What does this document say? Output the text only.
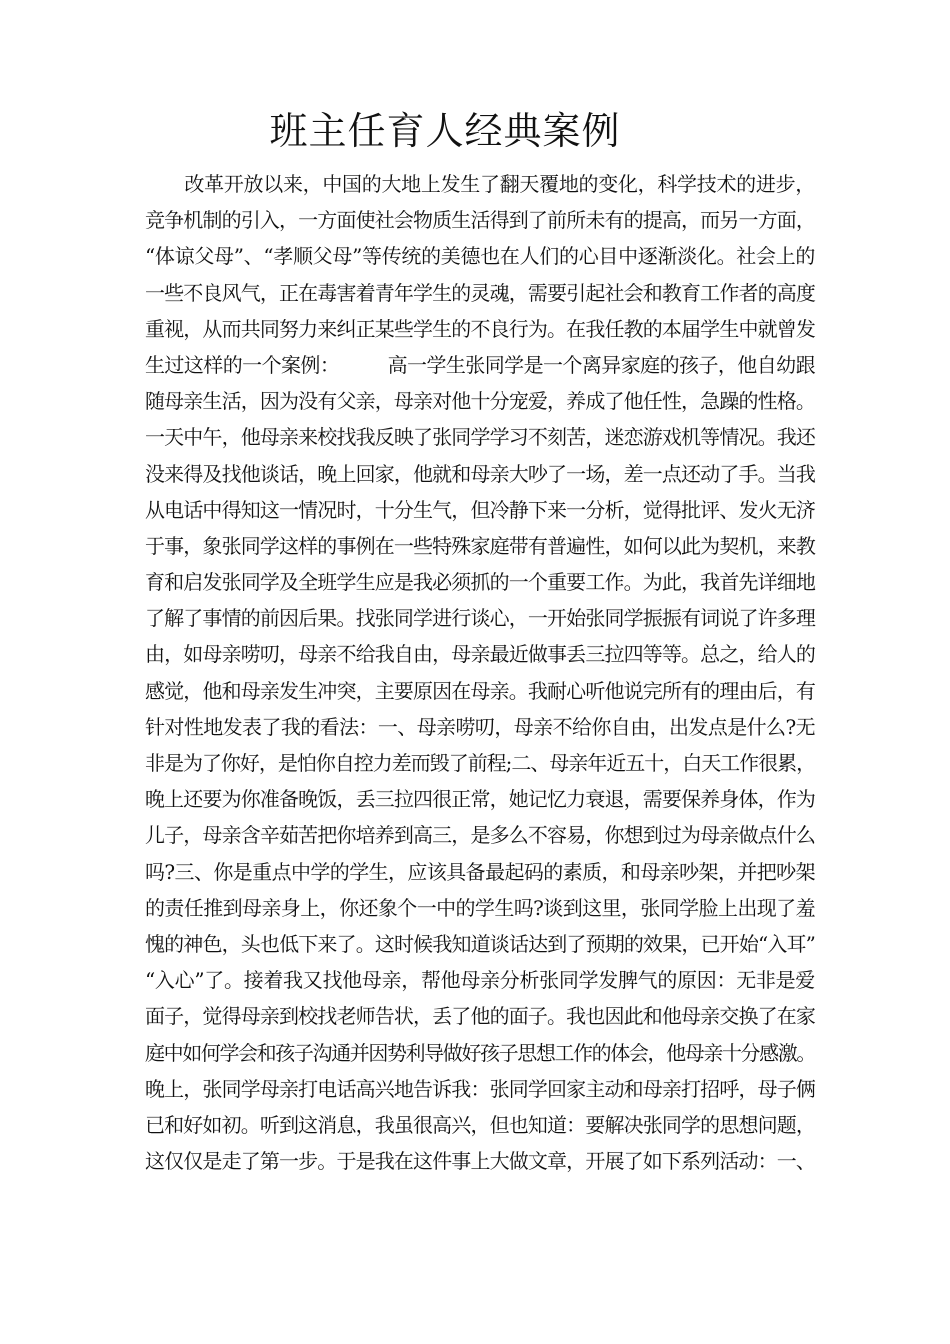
班主任育人经典案例
　　改革开放以来，中国的大地上发生了翻天覆地的变化，科学技术的进步，
竞争机制的引入，一方面使社会物质生活得到了前所未有的提高，而另一方面，
“体谅父母”、“孝顺父母”等传统的美德也在人们的心目中逐渐淡化。社会上的
一些不良风气，正在毒害着青年学生的灵魂，需要引起社会和教育工作者的高度
重视，从而共同努力来纠正某些学生的不良行为。在我任教的本届学生中就曾发
生过这样的一个案例：　　　高一学生张同学是一个离异家庭的孩子，他自幼跟
随母亲生活，因为没有父亲，母亲对他十分宠爱，养成了他任性，急躁的性格。
一天中午，他母亲来校找我反映了张同学学习不刻苦，迷恋游戏机等情况。我还
没来得及找他谈话，晚上回家，他就和母亲大吵了一场，差一点还动了手。当我
从电话中得知这一情况时，十分生气，但冷静下来一分析，觉得批评、发火无济
于事，象张同学这样的事例在一些特殊家庭带有普遍性，如何以此为契机，来教
育和启发张同学及全班学生应是我必须抓的一个重要工作。为此，我首先详细地
了解了事情的前因后果。找张同学进行谈心，一开始张同学振振有词说了许多理
由，如母亲唠叨，母亲不给我自由，母亲最近做事丢三拉四等等。总之，给人的
感觉，他和母亲发生冲突，主要原因在母亲。我耐心听他说完所有的理由后，有
针对性地发表了我的看法：一、母亲唠叨，母亲不给你自由，出发点是什么?无
非是为了你好，是怕你自控力差而毁了前程;二、母亲年近五十，白天工作很累，
晚上还要为你准备晚饭，丢三拉四很正常，她记忆力衰退，需要保养身体，作为
儿子，母亲含辛茹苦把你培养到高三，是多么不容易，你想到过为母亲做点什么
吗?三、你是重点中学的学生，应该具备最起码的素质，和母亲吵架，并把吵架
的责任推到母亲身上，你还象个一中的学生吗?谈到这里，张同学脸上出现了羞
愧的神色，头也低下来了。这时候我知道谈话达到了预期的效果，已开始“入耳”
“入心”了。接着我又找他母亲，帮他母亲分析张同学发脾气的原因：无非是爱
面子，觉得母亲到校找老师告状，丢了他的面子。我也因此和他母亲交换了在家
庭中如何学会和孩子沟通并因势利导做好孩子思想工作的体会，他母亲十分感激。
晚上，张同学母亲打电话高兴地告诉我：张同学回家主动和母亲打招呼，母子俩
已和好如初。听到这消息，我虽很高兴，但也知道：要解决张同学的思想问题，
这仅仅是走了第一步。于是我在这件事上大做文章，开展了如下系列活动：一、
